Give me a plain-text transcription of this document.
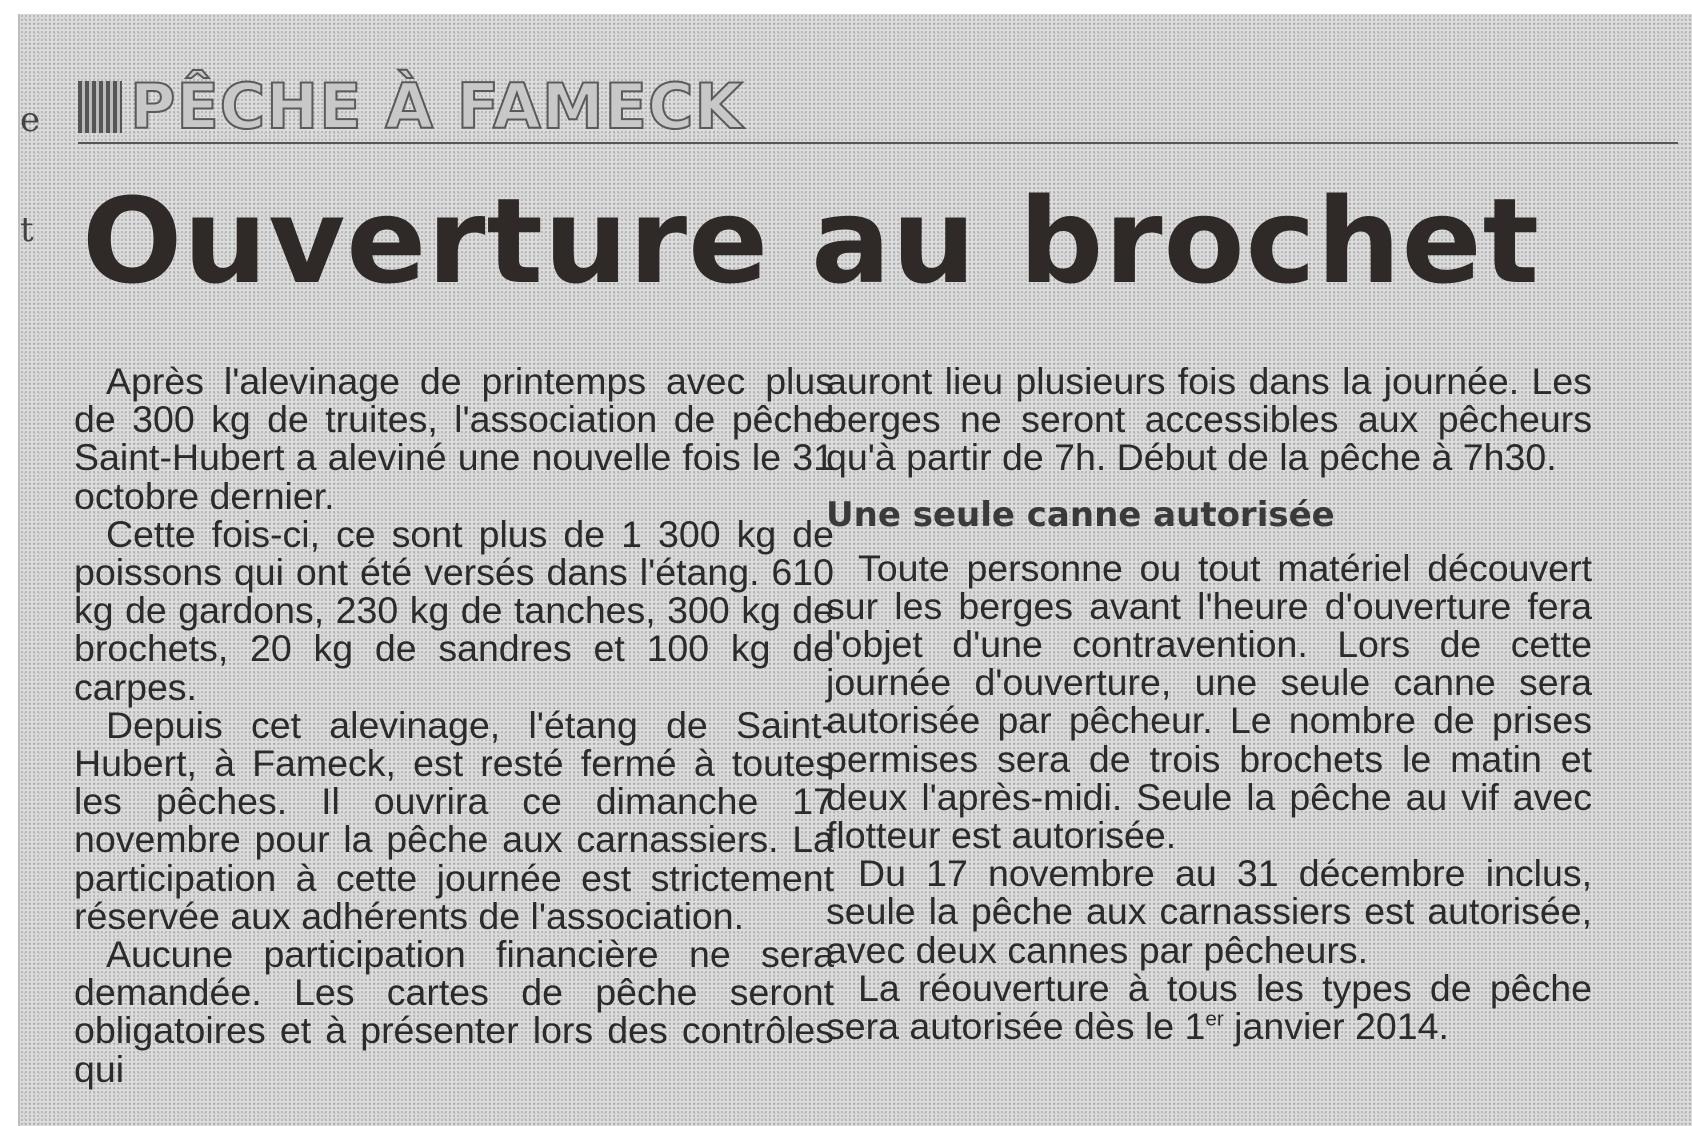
e
t
PÊCHE À FAMECK
Ouverture au brochet

Après l'alevinage de printemps avec plus de 300 kg de truites, l'association de pêche Saint-Hubert a aleviné une nouvelle fois le 31 octobre dernier.

Cette fois-ci, ce sont plus de 1 300 kg de poissons qui ont été versés dans l'étang. 610 kg de gardons, 230 kg de tanches, 300 kg de brochets, 20 kg de sandres et 100 kg de carpes.

Depuis cet alevinage, l'étang de Saint-Hubert, à Fameck, est resté fermé à toutes les pêches. Il ouvrira ce dimanche 17 novembre pour la pêche aux carnassiers. La participation à cette journée est strictement réservée aux adhérents de l'association.

Aucune participation financière ne sera demandée. Les cartes de pêche seront obligatoires et à présenter lors des contrôles qui

auront lieu plusieurs fois dans la journée. Les berges ne seront accessibles aux pêcheurs qu'à partir de 7h. Début de la pêche à 7h30.

Une seule canne autorisée

Toute personne ou tout matériel découvert sur les berges avant l'heure d'ouverture fera l'objet d'une contravention. Lors de cette journée d'ouverture, une seule canne sera autorisée par pêcheur. Le nombre de prises permises sera de trois brochets le matin et deux l'après-midi. Seule la pêche au vif avec flotteur est autorisée.

Du 17 novembre au 31 décembre inclus, seule la pêche aux carnassiers est autorisée, avec deux cannes par pêcheurs.

La réouverture à tous les types de pêche sera autorisée dès le 1er janvier 2014.
